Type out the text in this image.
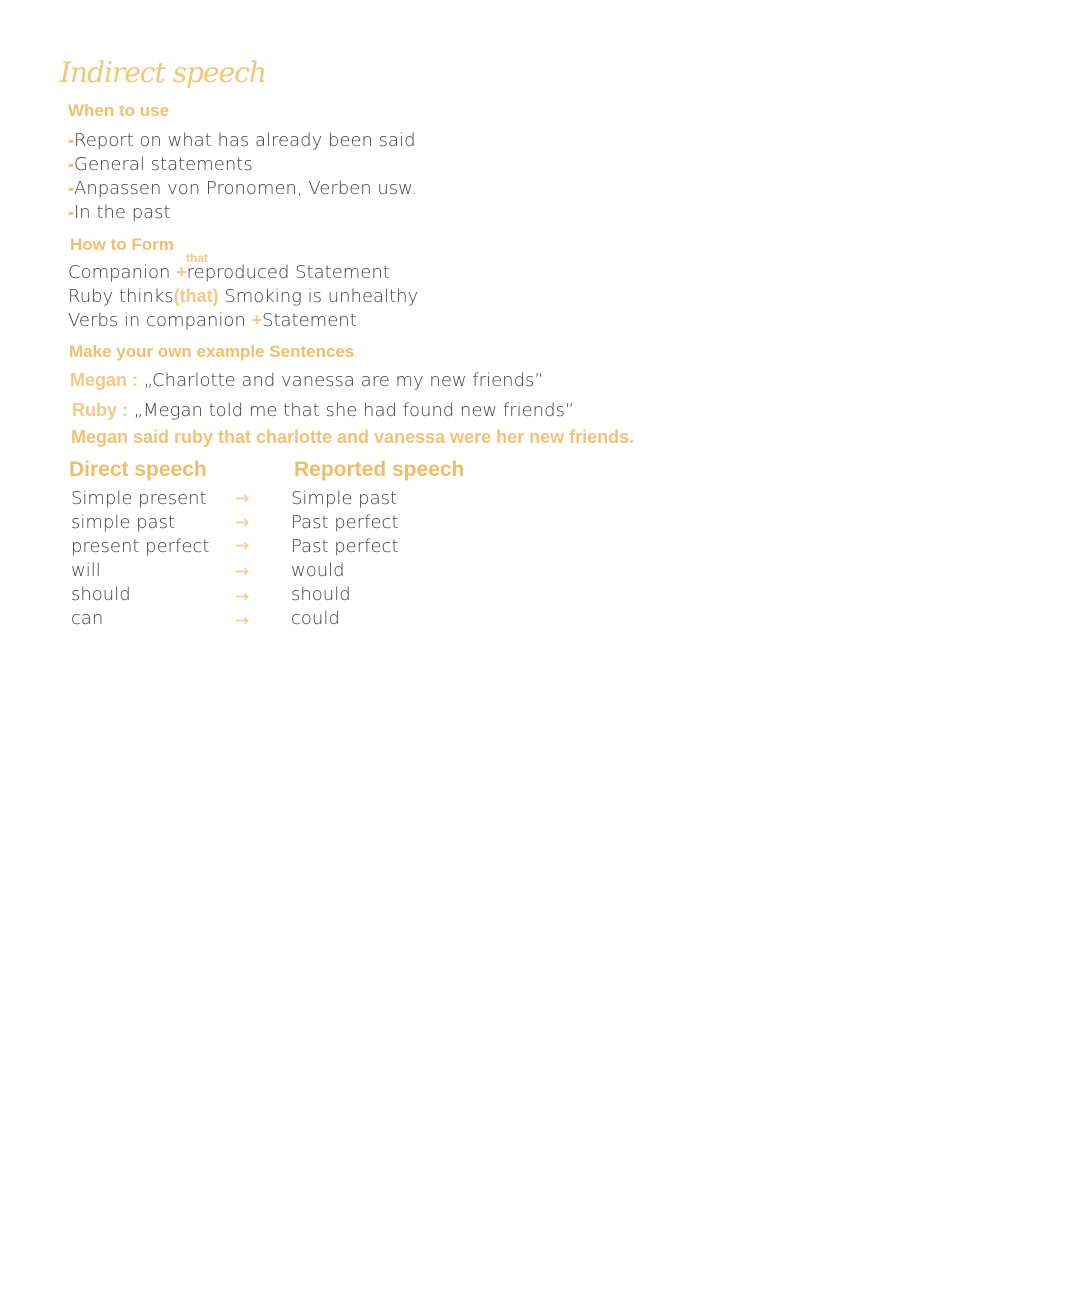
Indirect speech
When to use
-Report on what has already been said
-General statements
-Anpassen von Pronomen, Verben usw.
-In the past
How to Form
that
Companion +reproduced Statement
Ruby thinks(that) Smoking is unhealthy
Verbs in companion +Statement
Make your own example Sentences
Megan : „Charlotte and vanessa are my new friends”
Ruby : „Megan told me that she had found new friends”
Megan said ruby that charlotte and vanessa were her new friends.
Direct speech	Reported speech
Simple present → Simple past
simple past	→ Past perfect
present perfect → Past perfect
will	→ would
should	→ should
can	→ could
